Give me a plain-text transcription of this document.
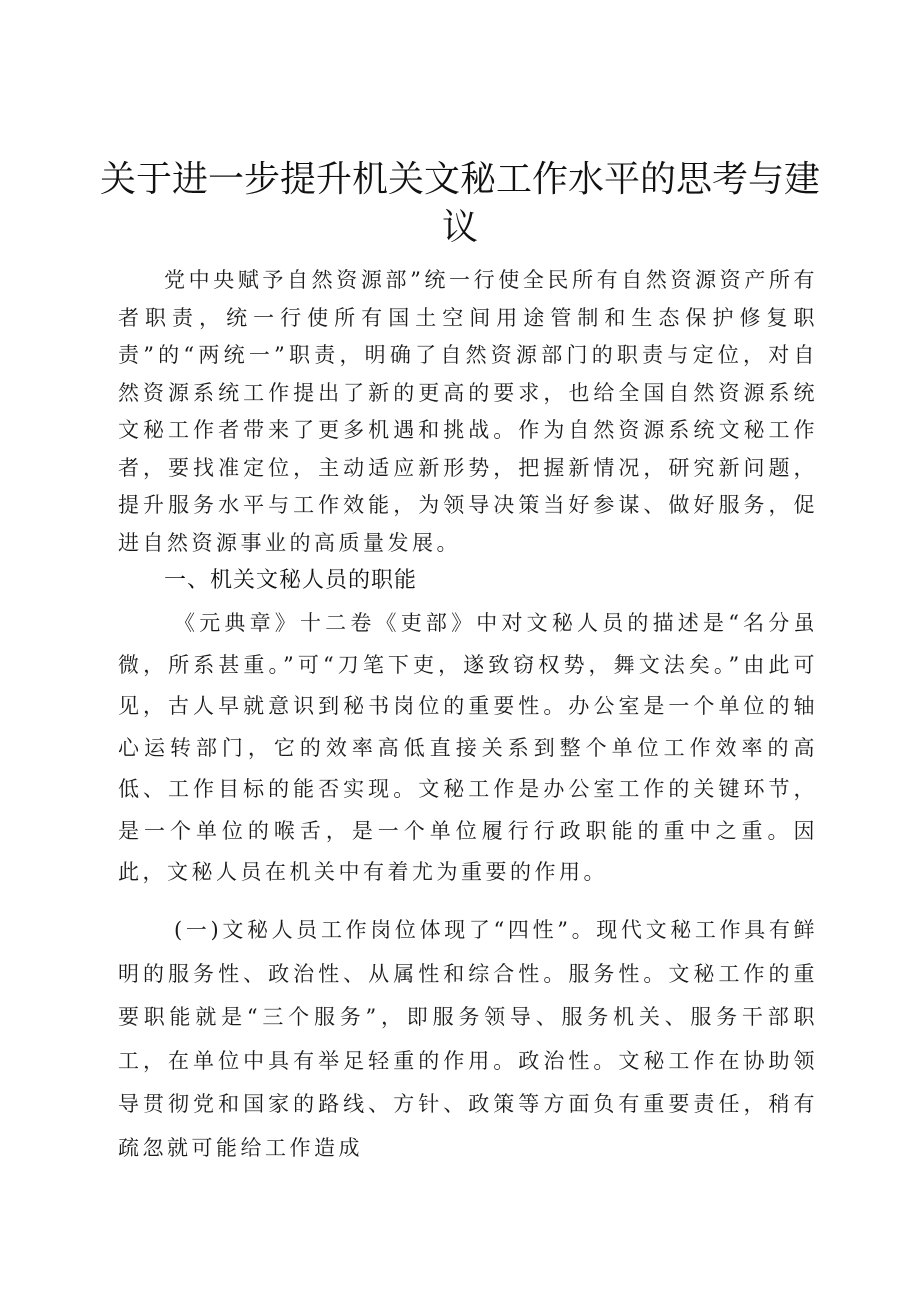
关于进一步提升机关文秘工作水平的思考与建议

党中央赋予自然资源部”统一行使全民所有自然资源资产所有者职责，统一行使所有国土空间用途管制和生态保护修复职责”的“两统一”职责，明确了自然资源部门的职责与定位，对自然资源系统工作提出了新的更高的要求，也给全国自然资源系统文秘工作者带来了更多机遇和挑战。作为自然资源系统文秘工作者，要找准定位，主动适应新形势，把握新情况，研究新问题，提升服务水平与工作效能，为领导决策当好参谋、做好服务，促进自然资源事业的高质量发展。

一、机关文秘人员的职能

《元典章》十二卷《吏部》中对文秘人员的描述是“名分虽微，所系甚重。”可“刀笔下吏，遂致窃权势，舞文法矣。”由此可见，古人早就意识到秘书岗位的重要性。办公室是一个单位的轴心运转部门，它的效率高低直接关系到整个单位工作效率的高低、工作目标的能否实现。文秘工作是办公室工作的关键环节，是一个单位的喉舌，是一个单位履行行政职能的重中之重。因此，文秘人员在机关中有着尤为重要的作用。

(一)文秘人员工作岗位体现了“四性”。现代文秘工作具有鲜明的服务性、政治性、从属性和综合性。服务性。文秘工作的重要职能就是“三个服务”，即服务领导、服务机关、服务干部职工，在单位中具有举足轻重的作用。政治性。文秘工作在协助领导贯彻党和国家的路线、方针、政策等方面负有重要责任，稍有疏忽就可能给工作造成
